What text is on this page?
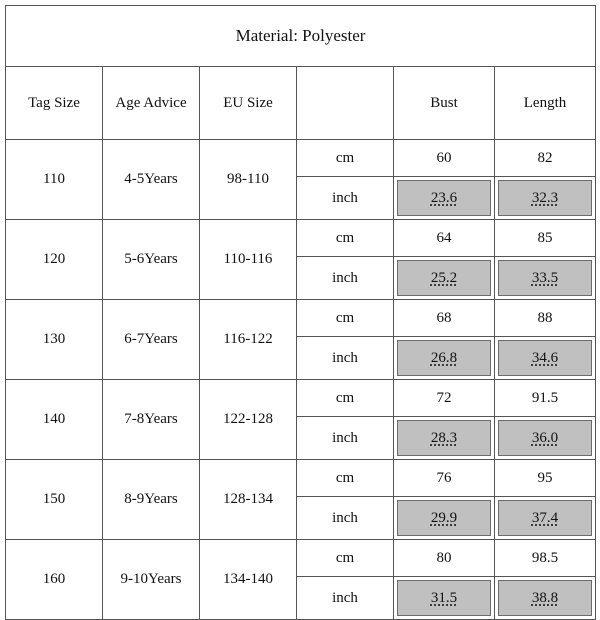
Material: Polyester					
Tag Size	Age Advice	EU Size		Bust	Length
110	4-5Years	98-110	cm	60	82
			inch	23.6	32.3

120	5-6Years	110-116	cm	64	85
			inch	25.2	33.5

130	6-7Years	116-122	cm	68	88
			inch	26.8	34.6

140	7-8Years	122-128	cm	72	91.5
			inch	28.3	36.0

150	8-9Years	128-134	cm	76	95
			inch	29.9	37.4

160	9-10Years	134-140	cm	80	98.5
			inch	31.5	38.8
